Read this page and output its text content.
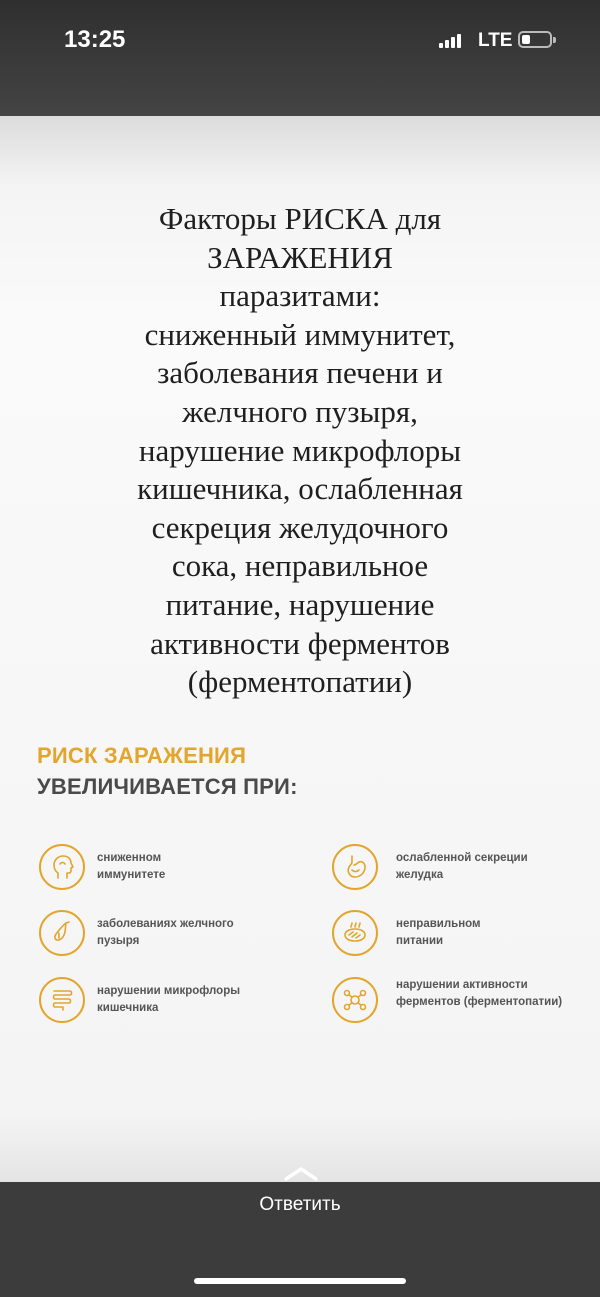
13:25	LTE
Факторы РИСКА для
ЗАРАЖЕНИЯ
паразитами:
сниженный иммунитет,
заболевания печени и
желчного пузыря,
нарушение микрофлоры
кишечника, ослабленная
секреция желудочного
сока, неправильное
питание, нарушение
активности ферментов
(ферментопатии)
РИСК ЗАРАЖЕНИЯ
УВЕЛИЧИВАЕТСЯ ПРИ:
сниженном
иммунитете
ослабленной секреции
желудка
заболеваниях желчного
пузыря
неправильном
питании
нарушении микрофлоры
кишечника
нарушении активности
ферментов (ферментопатии)
Ответить
